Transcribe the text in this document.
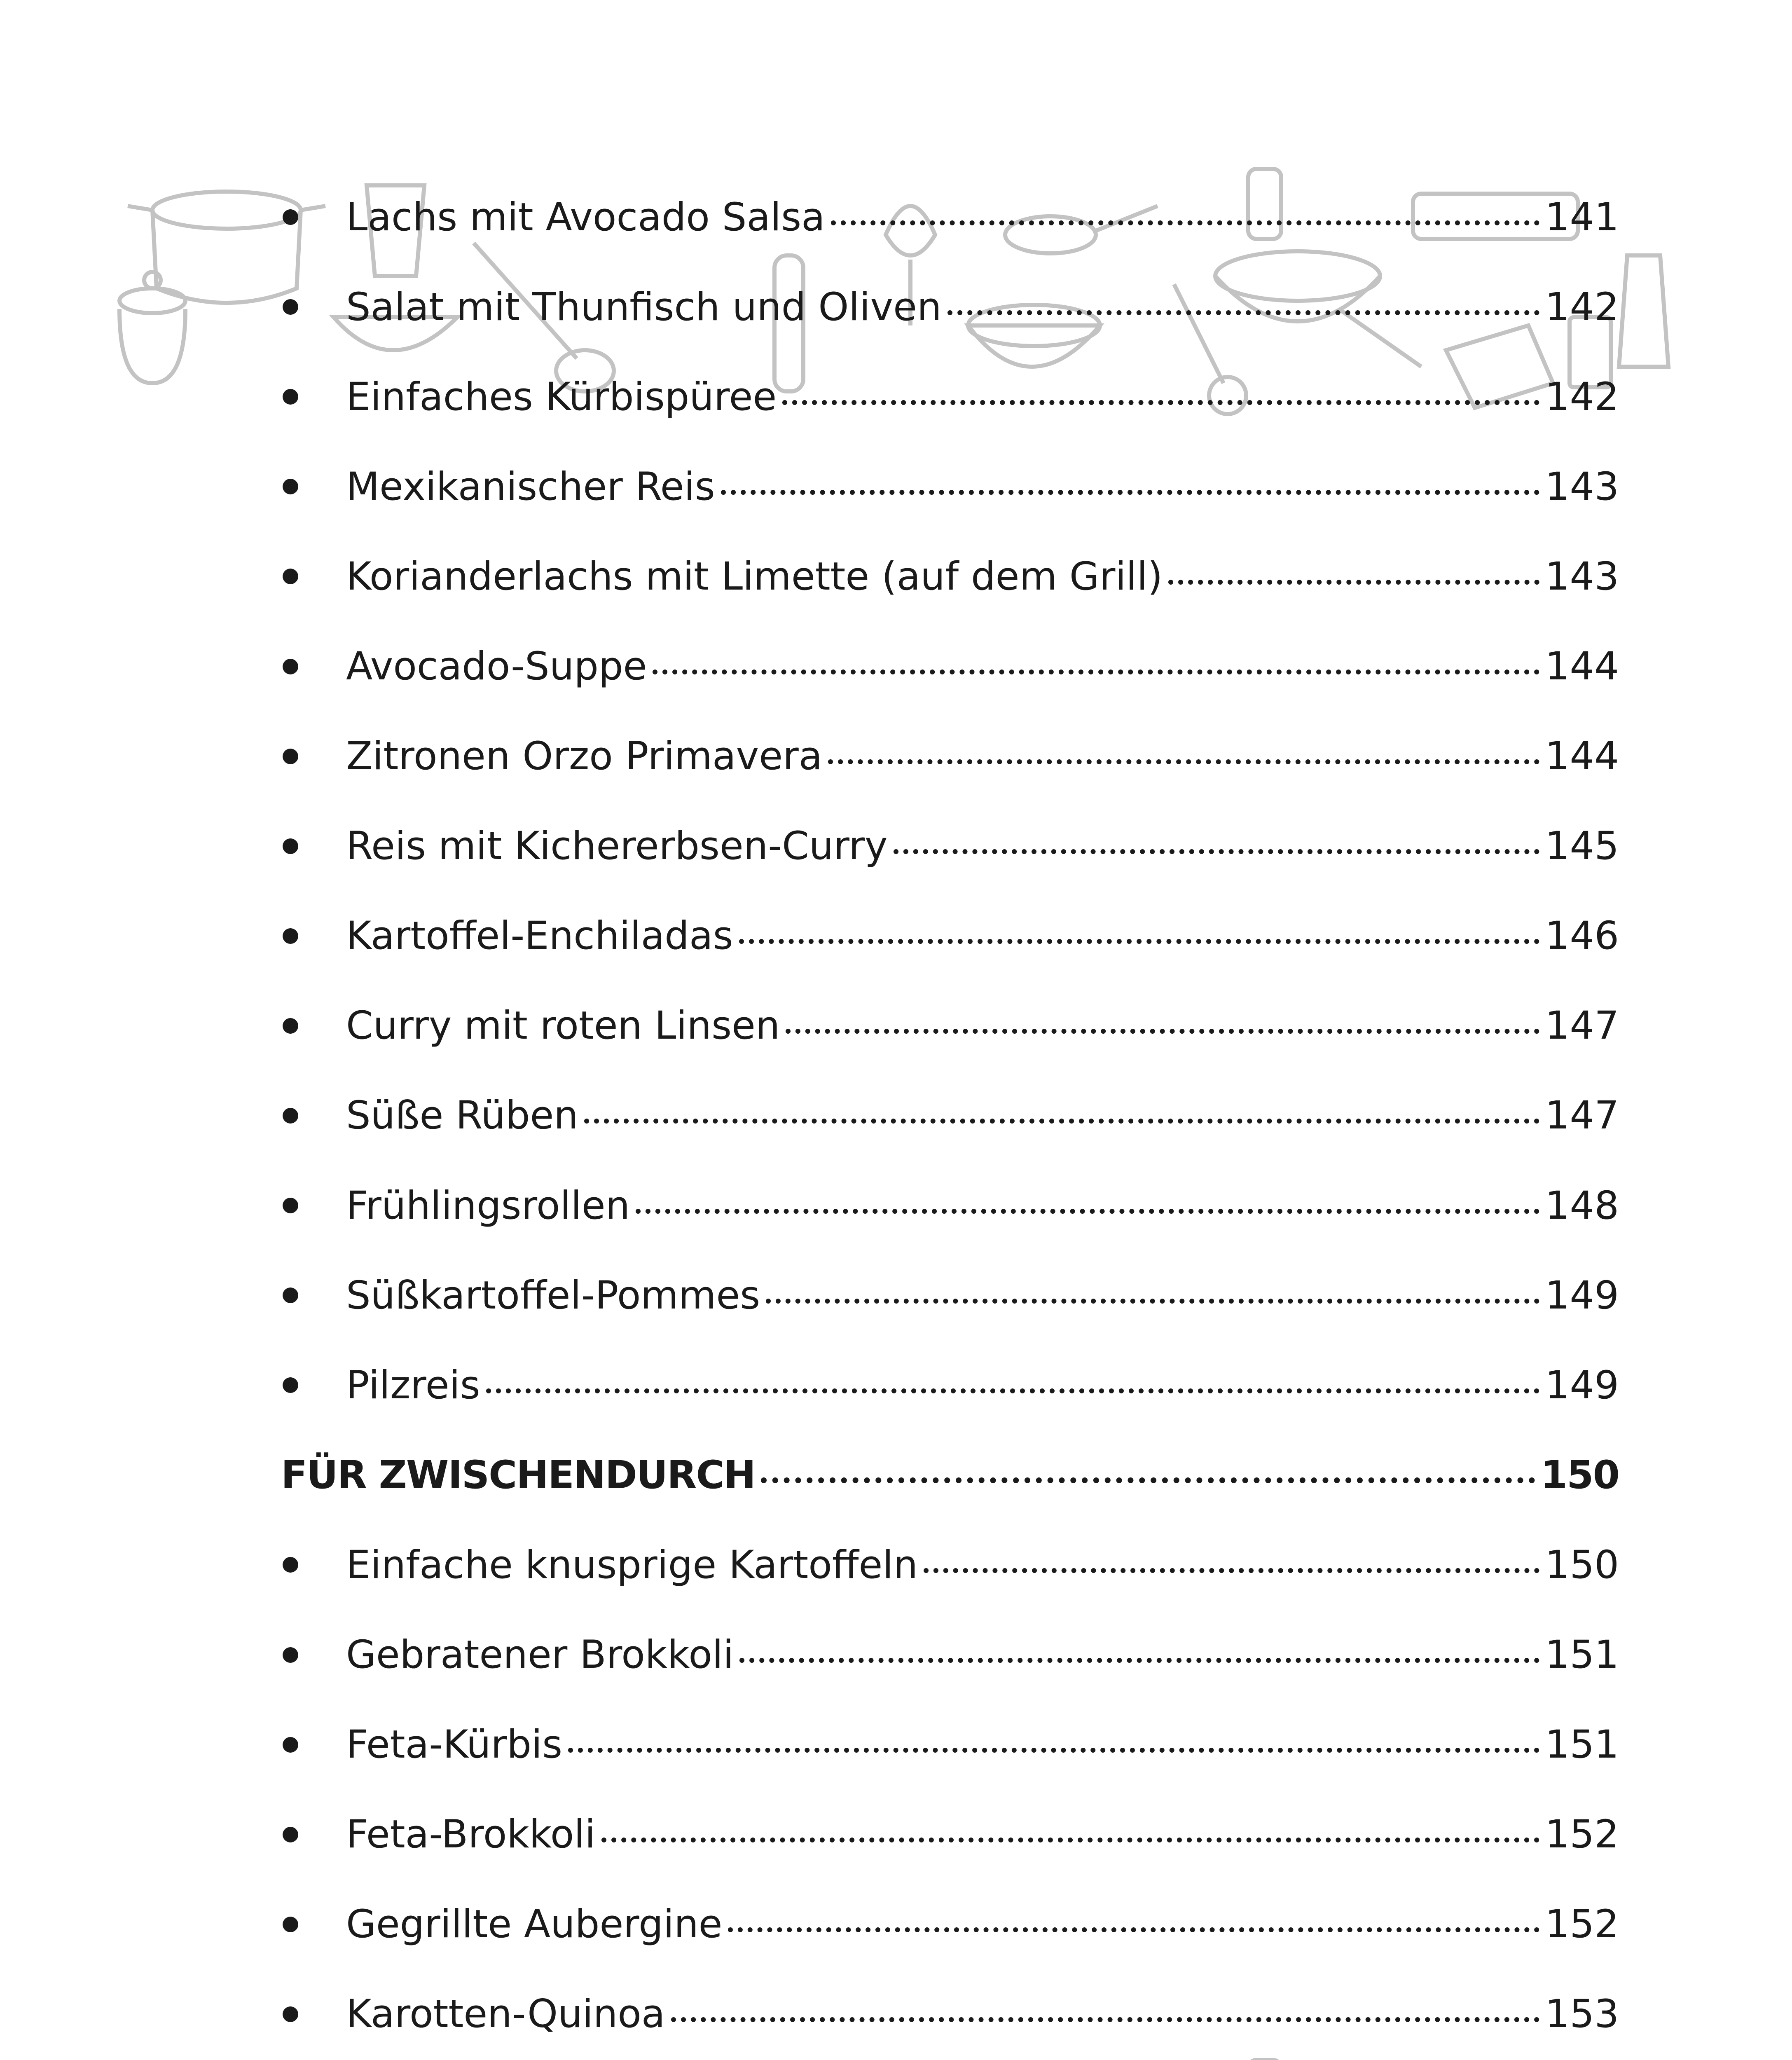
Lachs mit Avocado Salsa	141
Salat mit Thunfisch und Oliven	142
Einfaches Kürbispüree	142
Mexikanischer Reis	143
Korianderlachs mit Limette (auf dem Grill)	143
Avocado-Suppe	144
Zitronen Orzo Primavera	144
Reis mit Kichererbsen-Curry	145
Kartoffel-Enchiladas	146
Curry mit roten Linsen	147
Süße Rüben	147
Frühlingsrollen	148
Süßkartoffel-Pommes	149
Pilzreis	149
FÜR ZWISCHENDURCH	150
Einfache knusprige Kartoffeln	150
Gebratener Brokkoli	151
Feta-Kürbis	151
Feta-Brokkoli	152
Gegrillte Aubergine	152
Karotten-Quinoa	153
